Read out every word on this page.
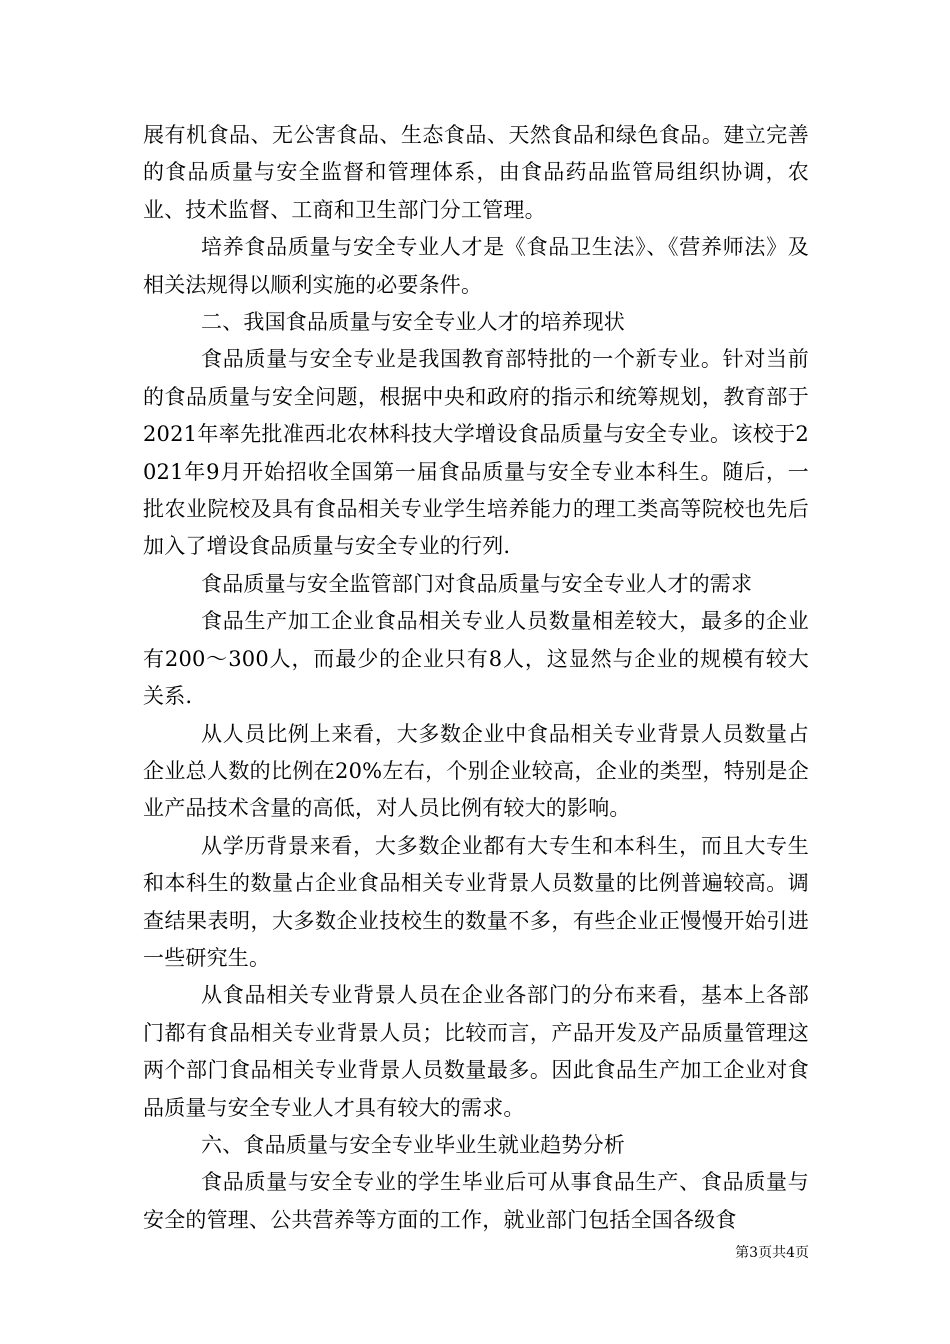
展有机食品、无公害食品、生态食品、天然食品和绿色食品。建立完善的食品质量与安全监督和管理体系，由食品药品监管局组织协调，农业、技术监督、工商和卫生部门分工管理。

培养食品质量与安全专业人才是《食品卫生法》、《营养师法》及相关法规得以顺利实施的必要条件。

二、我国食品质量与安全专业人才的培养现状

食品质量与安全专业是我国教育部特批的一个新专业。针对当前的食品质量与安全问题，根据中央和政府的指示和统筹规划，教育部于2021年率先批准西北农林科技大学增设食品质量与安全专业。该校于2021年9月开始招收全国第一届食品质量与安全专业本科生。随后，一批农业院校及具有食品相关专业学生培养能力的理工类高等院校也先后加入了增设食品质量与安全专业的行列.

食品质量与安全监管部门对食品质量与安全专业人才的需求

食品生产加工企业食品相关专业人员数量相差较大，最多的企业有200～300人，而最少的企业只有8人，这显然与企业的规模有较大关系.

从人员比例上来看，大多数企业中食品相关专业背景人员数量占企业总人数的比例在20%左右，个别企业较高，企业的类型，特别是企业产品技术含量的高低，对人员比例有较大的影响。

从学历背景来看，大多数企业都有大专生和本科生，而且大专生和本科生的数量占企业食品相关专业背景人员数量的比例普遍较高。调查结果表明，大多数企业技校生的数量不多，有些企业正慢慢开始引进一些研究生。

从食品相关专业背景人员在企业各部门的分布来看，基本上各部门都有食品相关专业背景人员；比较而言，产品开发及产品质量管理这两个部门食品相关专业背景人员数量最多。因此食品生产加工企业对食品质量与安全专业人才具有较大的需求。

六、食品质量与安全专业毕业生就业趋势分析

食品质量与安全专业的学生毕业后可从事食品生产、食品质量与安全的管理、公共营养等方面的工作，就业部门包括全国各级食

第3页共4页
